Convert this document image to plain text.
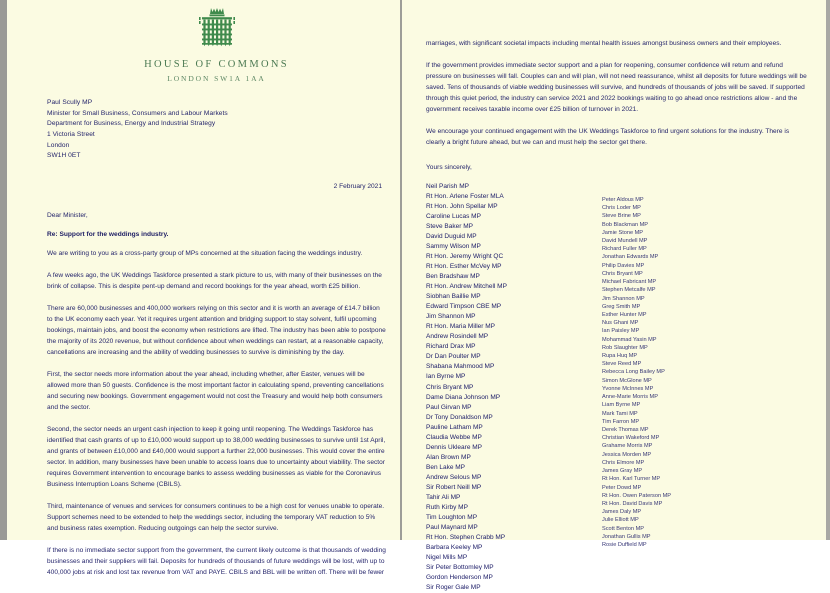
HOUSE OF COMMONS
LONDON SW1A 1AA
Paul Scully MP
Minister for Small Business, Consumers and Labour Markets
Department for Business, Energy and Industrial Strategy
1 Victoria Street
London
SW1H 0ET
2 February 2021
Dear Minister,
Re: Support for the weddings industry.
We are writing to you as a cross-party group of MPs concerned at the situation facing the weddings industry.
A few weeks ago, the UK Weddings Taskforce presented a stark picture to us, with many of their businesses on the brink of collapse. This is despite pent-up demand and record bookings for the year ahead, worth £25 billion.
There are 60,000 businesses and 400,000 workers relying on this sector and it is worth an average of £14.7 billion to the UK economy each year. Yet it requires urgent attention and bridging support to stay solvent, fulfil upcoming bookings, maintain jobs, and boost the economy when restrictions are lifted. The industry has been able to postpone the majority of its 2020 revenue, but without confidence about when weddings can restart, at a reasonable capacity, cancellations are increasing and the ability of wedding businesses to survive is diminishing by the day.
First, the sector needs more information about the year ahead, including whether, after Easter, venues will be allowed more than 50 guests. Confidence is the most important factor in calculating spend, preventing cancellations and securing new bookings. Government engagement would not cost the Treasury and would help both consumers and the sector.
Second, the sector needs an urgent cash injection to keep it going until reopening. The Weddings Taskforce has identified that cash grants of up to £10,000 would support up to 38,000 wedding businesses to survive until 1st April, and grants of between £10,000 and £40,000 would support a further 22,000 businesses. This would cover the entire sector. In addition, many businesses have been unable to access loans due to uncertainty about viability. The sector requires Government intervention to encourage banks to assess wedding businesses as viable for the Coronavirus Business Interruption Loans Scheme (CBILS).
Third, maintenance of venues and services for consumers continues to be a high cost for venues unable to operate. Support schemes need to be extended to help the weddings sector, including the temporary VAT reduction to 5% and business rates exemption. Reducing outgoings can help the sector survive.
If there is no immediate sector support from the government, the current likely outcome is that thousands of wedding businesses and their suppliers will fail. Deposits for hundreds of thousands of future weddings will be lost, with up to 400,000 jobs at risk and lost tax revenue from VAT and PAYE. CBILS and BBL will be written off. There will be fewer
marriages, with significant societal impacts including mental health issues amongst business owners and their employees.
If the government provides immediate sector support and a plan for reopening, consumer confidence will return and refund pressure on businesses will fall. Couples can and will plan, will not need reassurance, whilst all deposits for future weddings will be saved. Tens of thousands of viable wedding businesses will survive, and hundreds of thousands of jobs will be saved. If supported through this quiet period, the industry can service 2021 and 2022 bookings waiting to go ahead once restrictions allow - and the government receives taxable income over £25 billion of turnover in 2021.
We encourage your continued engagement with the UK Weddings Taskforce to find urgent solutions for the industry. There is clearly a bright future ahead, but we can and must help the sector get there.
Yours sincerely,
Neil Parish MP
Rt Hon. Arlene Foster MLA
Rt Hon. John Spellar MP
Caroline Lucas MP
Steve Baker MP
David Duguid MP
Sammy Wilson MP
Rt Hon. Jeremy Wright QC
Rt Hon. Esther McVey MP
Ben Bradshaw MP
Rt Hon. Andrew Mitchell MP
Siobhan Baillie MP
Edward Timpson CBE MP
Jim Shannon MP
Rt Hon. Maria Miller MP
Andrew Rosindell MP
Richard Drax MP
Dr Dan Poulter MP
Shabana Mahmood MP
Ian Byrne MP
Chris Bryant MP
Dame Diana Johnson MP
Paul Girvan MP
Dr Tony Donaldson MP
Pauline Latham MP
Claudia Webbe MP
Dennis Ukleare MP
Alan Brown MP
Ben Lake MP
Andrew Selous MP
Sir Robert Neill MP
Tahir Ali MP
Ruth Kirby MP
Tim Loughton MP
Paul Maynard MP
Rt Hon. Stephen Crabb MP
Barbara Keeley MP
Nigel Mills MP
Sir Peter Bottomley MP
Gordon Henderson MP
Sir Roger Gale MP
Peter Aldous MP
Chris Loder MP
Steve Brine MP
Bob Blackman MP
Jamie Stone MP
David Mundell MP
Richard Fuller MP
Jonathan Edwards MP
Philip Davies MP
Chris Bryant MP
Michael Fabricant MP
Stephen Metcalfe MP
Jim Shannon MP
Greg Smith MP
Esther Hunter MP
Nus Ghani MP
Ian Paisley MP
Mohammad Yasin MP
Rob Slaughter MP
Rupa Huq MP
Steve Reed MP
Rebecca Long Bailey MP
Simon McGlone MP
Yvonne McInnes MP
Anne-Marie Morris MP
Liam Byrne MP
Mark Tami MP
Tim Farron MP
Derek Thomas MP
Christian Wakeford MP
Grahame Morris MP
Jessica Morden MP
Chris Elmore MP
James Gray MP
Rt Hon. Karl Turner MP
Peter Dowd MP
Rt Hon. Owen Paterson MP
Rt Hon. David Davis MP
James Daly MP
Julie Elliott MP
Scott Benton MP
Jonathan Gullis MP
Rosie Duffield MP
